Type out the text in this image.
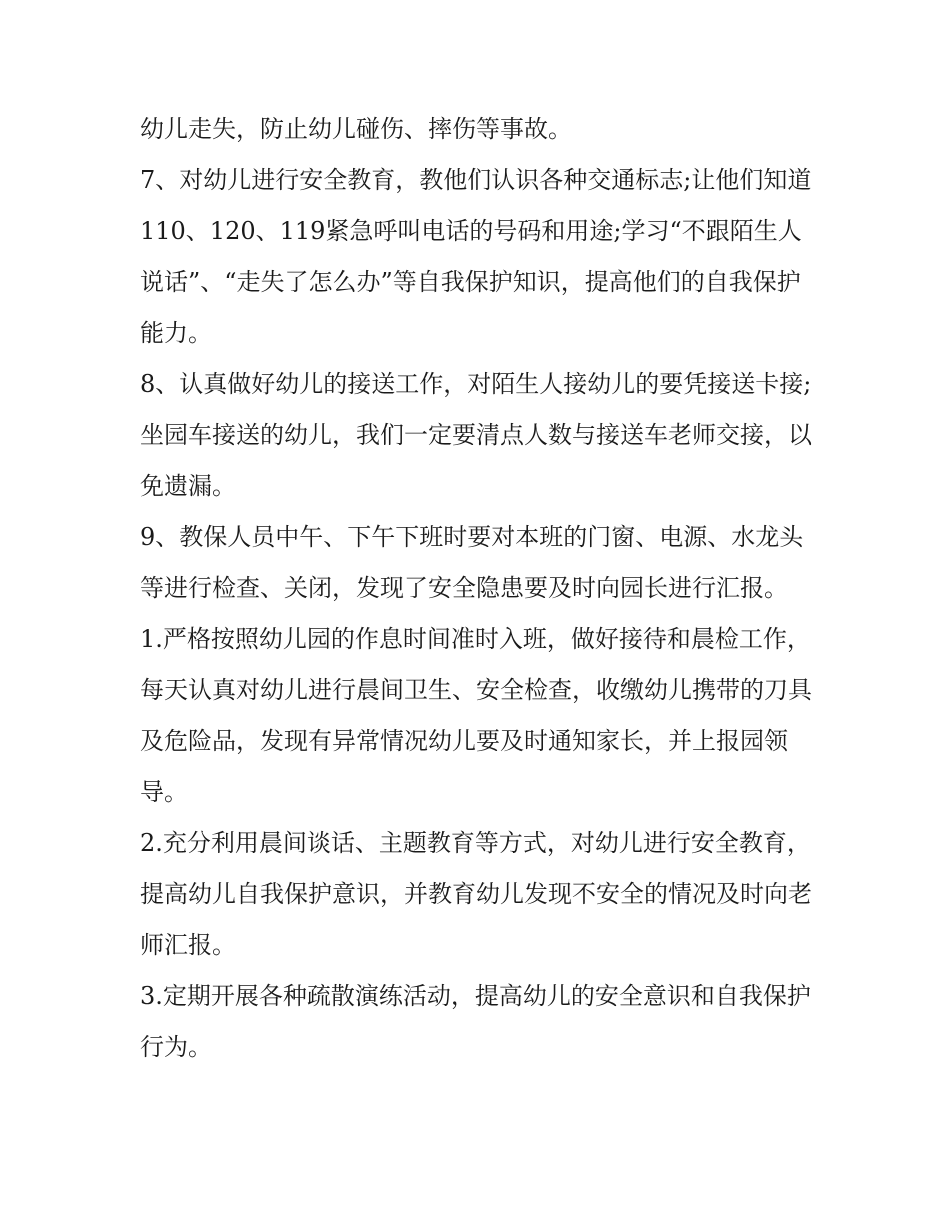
幼儿走失，防止幼儿碰伤、摔伤等事故。

7、对幼儿进行安全教育，教他们认识各种交通标志;让他们知道110、120、119紧急呼叫电话的号码和用途;学习“不跟陌生人说话”、“走失了怎么办”等自我保护知识，提高他们的自我保护能力。

8、认真做好幼儿的接送工作，对陌生人接幼儿的要凭接送卡接;坐园车接送的幼儿，我们一定要清点人数与接送车老师交接，以免遗漏。

9、教保人员中午、下午下班时要对本班的门窗、电源、水龙头等进行检查、关闭，发现了安全隐患要及时向园长进行汇报。

1.严格按照幼儿园的作息时间准时入班，做好接待和晨检工作，每天认真对幼儿进行晨间卫生、安全检查，收缴幼儿携带的刀具及危险品，发现有异常情况幼儿要及时通知家长，并上报园领导。

2.充分利用晨间谈话、主题教育等方式，对幼儿进行安全教育，提高幼儿自我保护意识，并教育幼儿发现不安全的情况及时向老师汇报。

3.定期开展各种疏散演练活动，提高幼儿的安全意识和自我保护行为。
